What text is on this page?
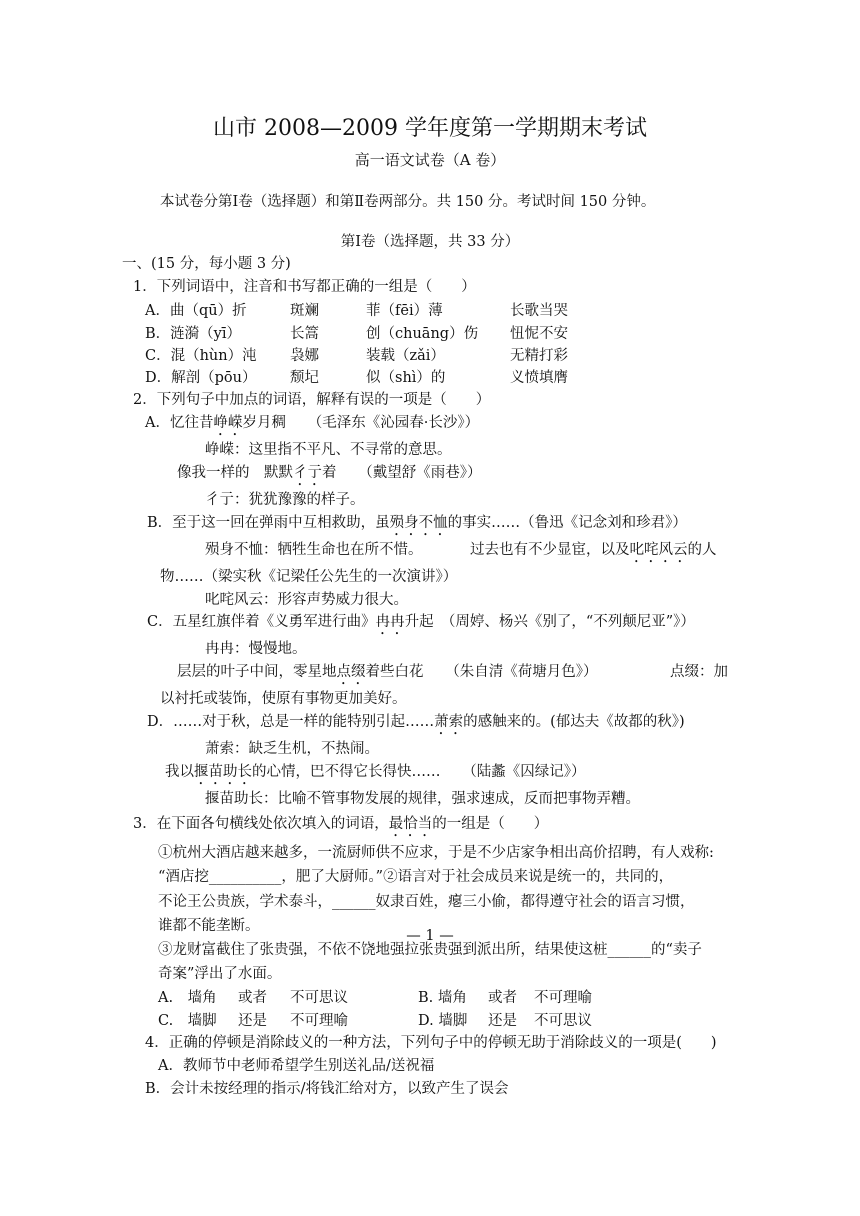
山市 2008—2009 学年度第一学期期末考试
高一语文试卷（A 卷）
本试卷分第Ⅰ卷（选择题）和第Ⅱ卷两部分。共 150 分。考试时间 150 分钟。
第Ⅰ卷（选择题，共 33 分）
一、(15 分，每小题 3 分)
1．下列词语中，注音和书写都正确的一组是（　　）
A．曲（qū）折	斑斓	菲（fēi）薄	长歌当哭
B．涟漪（yī）	长篙	创（chuāng）伤 忸怩不安
C．混（hùn）沌 袅娜	装载（zǎi）	无精打彩
D．解剖（pōu） 颓圮	似（shì）的	义愤填膺
2．下列句子中加点的词语，解释有误的一项是（　　）
A．忆往昔峥嵘岁月稠　　（毛泽东《沁园春·长沙》）
峥嵘：这里指不平凡、不寻常的意思。
像我一样的　默默彳亍着　　（戴望舒《雨巷》）
彳亍：犹犹豫豫的样子。
B．至于这一回在弹雨中互相救助，虽殒身不恤的事实……（鲁迅《记念刘和珍君》）
殒身不恤：牺牲生命也在所不惜。	过去也有不少显宦，以及叱咤风云的人
物……（梁实秋《记梁任公先生的一次演讲》）
叱咤风云：形容声势威力很大。
C．五星红旗伴着《义勇军进行曲》冉冉升起　（周婷、杨兴《别了，“不列颠尼亚”》）
冉冉：慢慢地。
层层的叶子中间，零星地点缀着些白花　　（朱自清《荷塘月色》）	点缀：加
以衬托或装饰，使原有事物更加美好。
D．……对于秋，总是一样的能特别引起……萧索的感触来的。(郁达夫《故都的秋》)
萧索：缺乏生机，不热闹。
我以揠苗助长的心情，巴不得它长得快……　　（陆蠡《囚绿记》）
揠苗助长：比喻不管事物发展的规律，强求速成，反而把事物弄糟。
3．在下面各句横线处依次填入的词语，最恰当的一组是（　　）
①杭州大酒店越来越多，一流厨师供不应求，于是不少店家争相出高价招聘，有人戏称:
“酒店挖__________，肥了大厨师。”②语言对于社会成员来说是统一的，共同的，
不论王公贵族，学术泰斗，______奴隶百姓，瘪三小偷，都得遵守社会的语言习惯，
谁都不能垄断。
— 1 —
③龙财富截住了张贵强，不依不饶地强拉张贵强到派出所，结果使这桩______的“卖子
奇案”浮出了水面。
A.　墙角 或者 不可思议	B. 墙角 或者 不可理喻
C.　墙脚 还是 不可理喻	D. 墙脚 还是 不可思议
4．正确的停顿是消除歧义的一种方法，下列句子中的停顿无助于消除歧义的一项是(　　)
A．教师节中老师希望学生别送礼品/送祝福
B．会计未按经理的指示/将钱汇给对方，以致产生了误会
